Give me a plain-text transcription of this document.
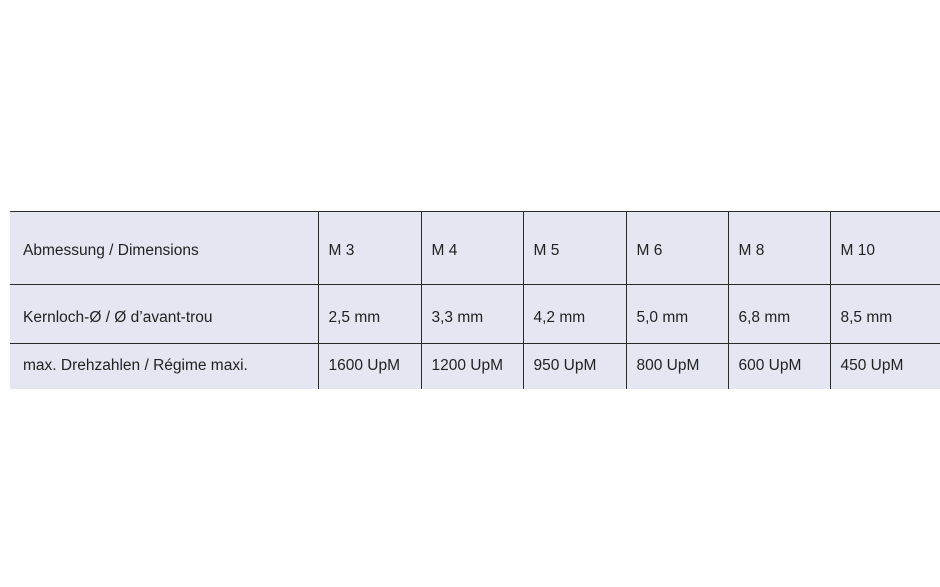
Abmessung / Dimensions	M 3	M 4	M 5	M 6	M 8	M 10
Kernloch-Ø / Ø d’avant-trou	2,5 mm	3,3 mm	4,2 mm	5,0 mm	6,8 mm	8,5 mm
max. Drehzahlen / Régime maxi.	1600 UpM	1200 UpM	950 UpM	800 UpM	600 UpM	450 UpM
